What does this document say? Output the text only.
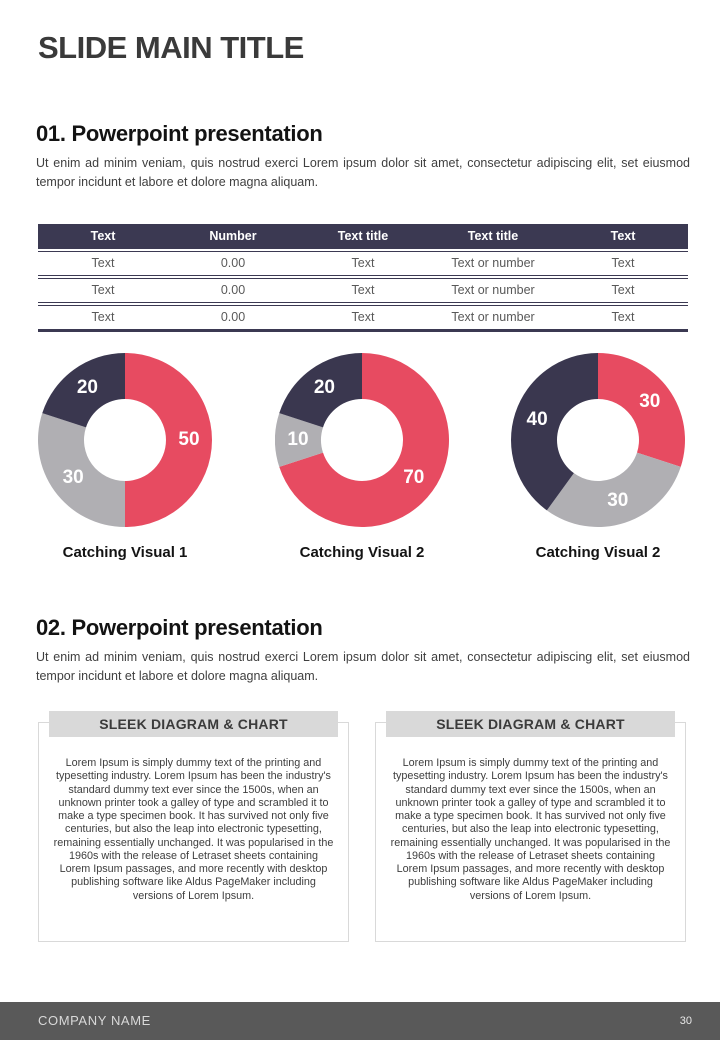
SLIDE MAIN TITLE
01. Powerpoint presentation

Ut enim ad minim veniam, quis nostrud exerci Lorem ipsum dolor sit amet, consectetur adipiscing elit, set eiusmod tempor incidunt et labore et dolore magna aliquam.

Text	Number	Text title	Text title	Text
Text	0.00	Text	Text or number	Text
Text	0.00	Text	Text or number	Text
Text	0.00	Text	Text or number	Text
50
30
20
Catching Visual 1
70
10
20
Catching Visual 2
30
30
40
Catching Visual 2
02. Powerpoint presentation

Ut enim ad minim veniam, quis nostrud exerci Lorem ipsum dolor sit amet, consectetur adipiscing elit, set eiusmod tempor incidunt et labore et dolore magna aliquam.

SLEEK DIAGRAM & CHART
Lorem Ipsum is simply dummy text of the printing and typesetting industry. Lorem Ipsum has been the industry's standard dummy text ever since the 1500s, when an unknown printer took a galley of type and scrambled it to make a type specimen book. It has survived not only five centuries, but also the leap into electronic typesetting, remaining essentially unchanged. It was popularised in the 1960s with the release of Letraset sheets containing Lorem Ipsum passages, and more recently with desktop publishing software like Aldus PageMaker including versions of Lorem Ipsum.
SLEEK DIAGRAM & CHART
Lorem Ipsum is simply dummy text of the printing and typesetting industry. Lorem Ipsum has been the industry's standard dummy text ever since the 1500s, when an unknown printer took a galley of type and scrambled it to make a type specimen book. It has survived not only five centuries, but also the leap into electronic typesetting, remaining essentially unchanged. It was popularised in the 1960s with the release of Letraset sheets containing Lorem Ipsum passages, and more recently with desktop publishing software like Aldus PageMaker including versions of Lorem Ipsum.
COMPANY NAME	30
